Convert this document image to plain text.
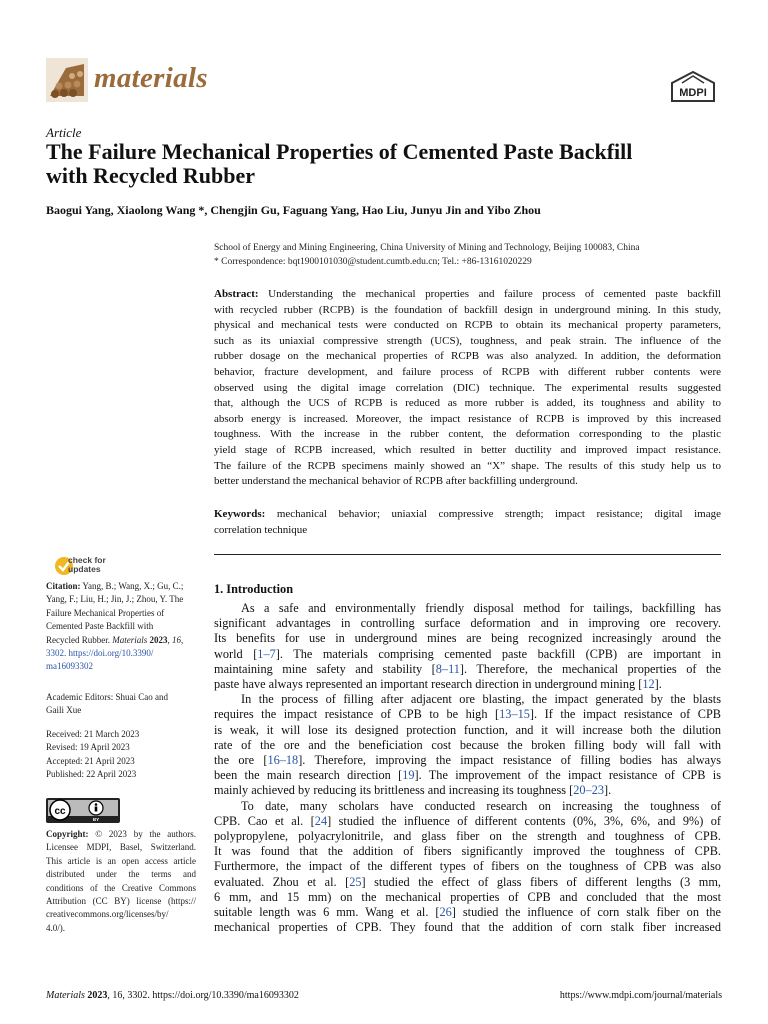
materials	MDPI
Article
The Failure Mechanical Properties of Cemented Paste Backfill
with Recycled Rubber
Baogui Yang, Xiaolong Wang *, Chengjin Gu, Faguang Yang, Hao Liu, Junyu Jin and Yibo Zhou
School of Energy and Mining Engineering, China University of Mining and Technology, Beijing 100083, China
* Correspondence: bqt1900101030@student.cumtb.edu.cn; Tel.: +86-13161020229
Abstract: Understanding the mechanical properties and failure process of cemented paste backfill
with recycled rubber (RCPB) is the foundation of backfill design in underground mining. In this study,
physical and mechanical tests were conducted on RCPB to obtain its mechanical property parameters,
such as its uniaxial compressive strength (UCS), toughness, and peak strain. The influence of the
rubber dosage on the mechanical properties of RCPB was also analyzed. In addition, the deformation
behavior, fracture development, and failure process of RCPB with different rubber contents were
observed using the digital image correlation (DIC) technique. The experimental results suggested
that, although the UCS of RCPB is reduced as more rubber is added, its toughness and ability to
absorb energy is increased. Moreover, the impact resistance of RCPB is improved by this increased
toughness. With the increase in the rubber content, the deformation corresponding to the plastic
yield stage of RCPB increased, which resulted in better ductility and improved impact resistance.
The failure of the RCPB specimens mainly showed an “X” shape. The results of this study help us to
better understand the mechanical behavior of RCPB after backfilling underground.
Keywords: mechanical behavior; uniaxial compressive strength; impact resistance; digital image
correlation technique
1. Introduction
As a safe and environmentally friendly disposal method for tailings, backfilling has
significant advantages in controlling surface deformation and in improving ore recovery.
Its benefits for use in underground mines are being recognized increasingly around the
world [1–7]. The materials comprising cemented paste backfill (CPB) are important in
maintaining mine safety and stability [8–11]. Therefore, the mechanical properties of the
paste have always represented an important research direction in underground mining [12].
In the process of filling after adjacent ore blasting, the impact generated by the blasts
requires the impact resistance of CPB to be high [13–15]. If the impact resistance of CPB
is weak, it will lose its designed protection function, and it will increase both the dilution
rate of the ore and the beneficiation cost because the broken filling body will fall with
the ore [16–18]. Therefore, improving the impact resistance of filling bodies has always
been the main research direction [19]. The improvement of the impact resistance of CPB is
mainly achieved by reducing its brittleness and increasing its toughness [20–23].
To date, many scholars have conducted research on increasing the toughness of
CPB. Cao et al. [24] studied the influence of different contents (0%, 3%, 6%, and 9%) of
polypropylene, polyacrylonitrile, and glass fiber on the strength and toughness of CPB.
It was found that the addition of fibers significantly improved the toughness of CPB.
Furthermore, the impact of the different types of fibers on the toughness of CPB was also
evaluated. Zhou et al. [25] studied the effect of glass fibers of different lengths (3 mm,
6 mm, and 15 mm) on the mechanical properties of CPB and concluded that the most
suitable length was 6 mm. Wang et al. [26] studied the influence of corn stalk fiber on the
mechanical properties of CPB. They found that the addition of corn stalk fiber increased
check for
updates
Citation: Yang, B.; Wang, X.; Gu, C.;
Yang, F.; Liu, H.; Jin, J.; Zhou, Y. The
Failure Mechanical Properties of
Cemented Paste Backfill with
Recycled Rubber. Materials 2023, 16,
3302. https://doi.org/10.3390/
ma16093302
Academic Editors: Shuai Cao and
Gaili Xue
Received: 21 March 2023
Revised: 19 April 2023
Accepted: 21 April 2023
Published: 22 April 2023
Copyright: © 2023 by the authors.
Licensee MDPI, Basel, Switzerland.
This article is an open access article
distributed under the terms and
conditions of the Creative Commons
Attribution (CC BY) license (https://
creativecommons.org/licenses/by/
4.0/).
cc
BY
Materials 2023, 16, 3302. https://doi.org/10.3390/ma16093302	https://www.mdpi.com/journal/materials
